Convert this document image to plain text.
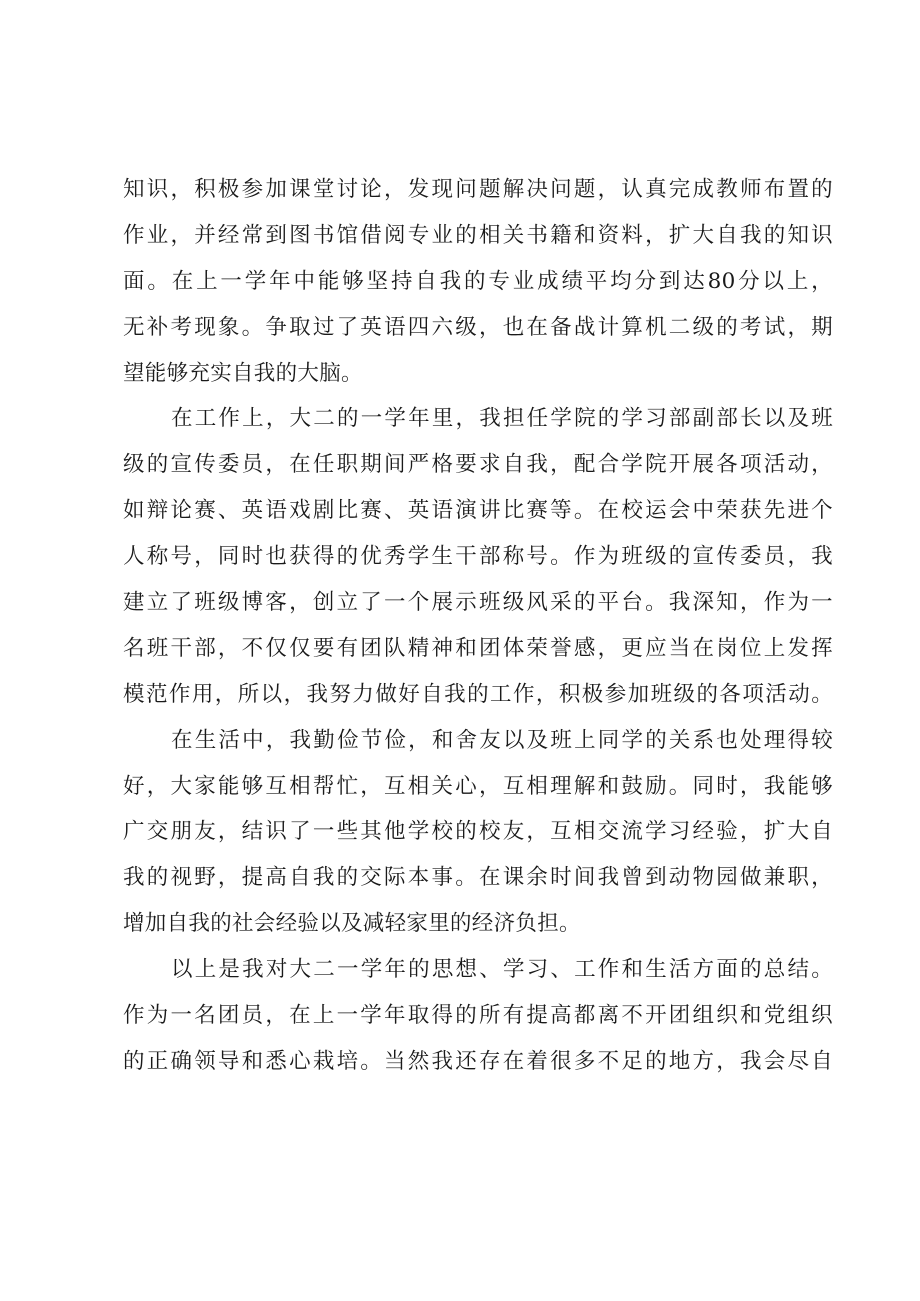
知识，积极参加课堂讨论，发现问题解决问题，认真完成教师布置的
作业，并经常到图书馆借阅专业的相关书籍和资料，扩大自我的知识
面。在上一学年中能够坚持自我的专业成绩平均分到达80分以上，
无补考现象。争取过了英语四六级，也在备战计算机二级的考试，期
望能够充实自我的大脑。
在工作上，大二的一学年里，我担任学院的学习部副部长以及班
级的宣传委员，在任职期间严格要求自我，配合学院开展各项活动，
如辩论赛、英语戏剧比赛、英语演讲比赛等。在校运会中荣获先进个
人称号，同时也获得的优秀学生干部称号。作为班级的宣传委员，我
建立了班级博客，创立了一个展示班级风采的平台。我深知，作为一
名班干部，不仅仅要有团队精神和团体荣誉感，更应当在岗位上发挥
模范作用，所以，我努力做好自我的工作，积极参加班级的各项活动。
在生活中，我勤俭节俭，和舍友以及班上同学的关系也处理得较
好，大家能够互相帮忙，互相关心，互相理解和鼓励。同时，我能够
广交朋友，结识了一些其他学校的校友，互相交流学习经验，扩大自
我的视野，提高自我的交际本事。在课余时间我曾到动物园做兼职，
增加自我的社会经验以及减轻家里的经济负担。
以上是我对大二一学年的思想、学习、工作和生活方面的总结。
作为一名团员，在上一学年取得的所有提高都离不开团组织和党组织
的正确领导和悉心栽培。当然我还存在着很多不足的地方，我会尽自
